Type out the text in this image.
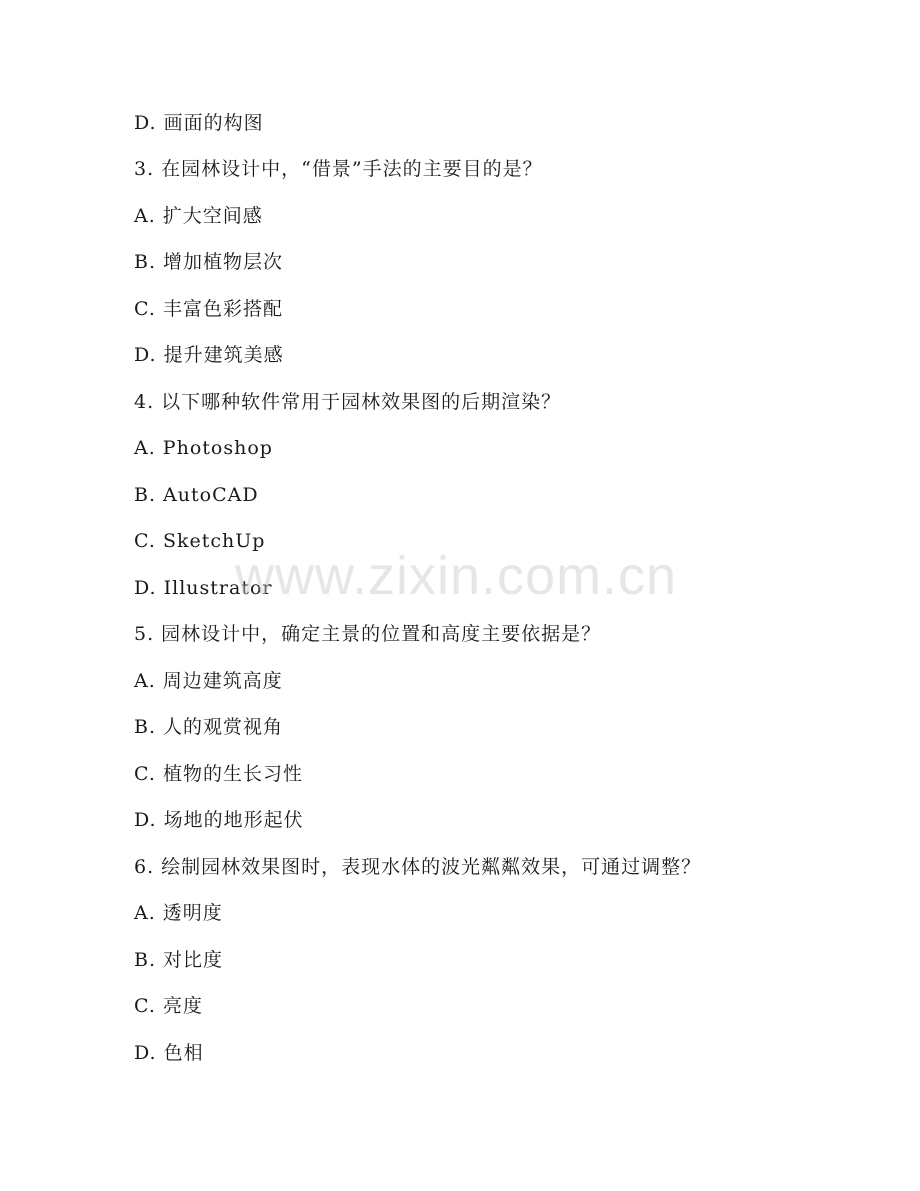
D. 画面的构图
3. 在园林设计中，“借景”手法的主要目的是？
A. 扩大空间感
B. 增加植物层次
C. 丰富色彩搭配
D. 提升建筑美感
4. 以下哪种软件常用于园林效果图的后期渲染？
A. Photoshop
B. AutoCAD
C. SketchUp
D. Illustrator
5. 园林设计中，确定主景的位置和高度主要依据是？
A. 周边建筑高度
B. 人的观赏视角
C. 植物的生长习性
D. 场地的地形起伏
6. 绘制园林效果图时，表现水体的波光粼粼效果，可通过调整？
A. 透明度
B. 对比度
C. 亮度
D. 色相
www.zixin.com.cn
